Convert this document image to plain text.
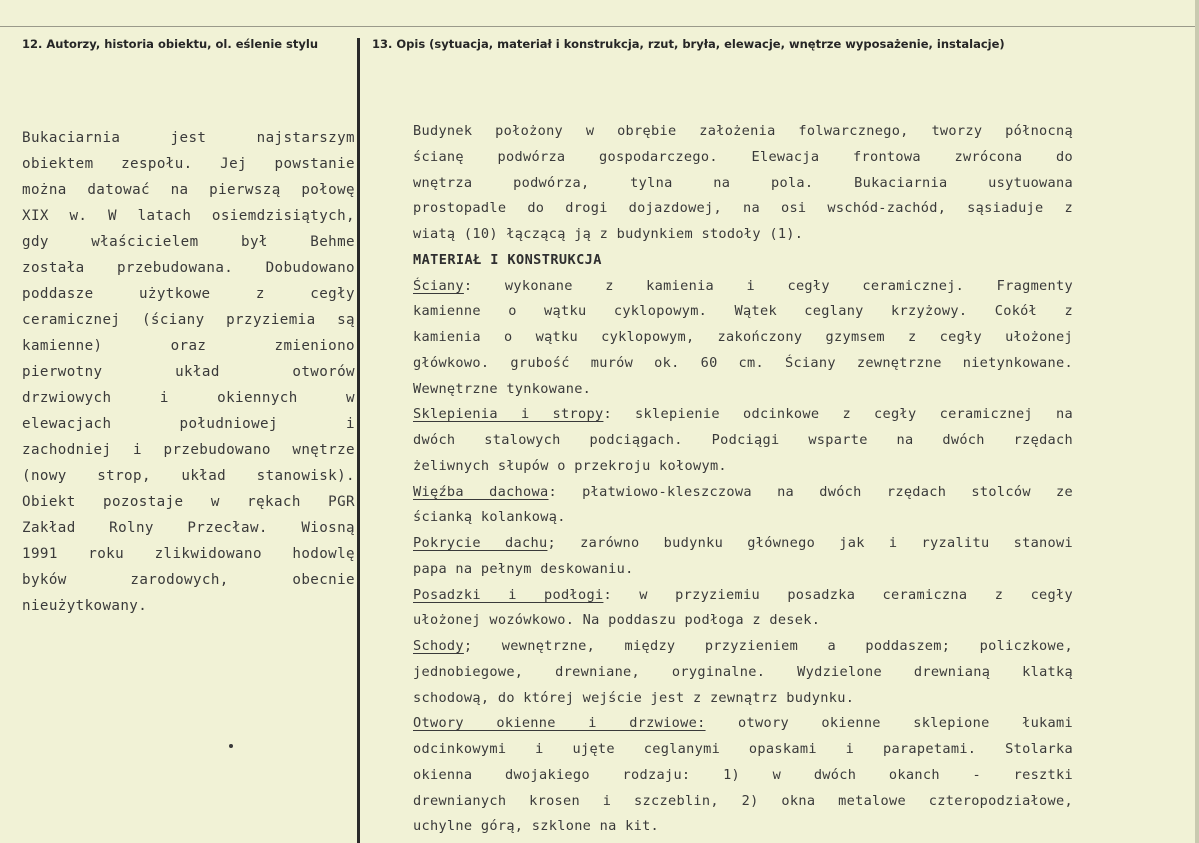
12. Autorzy, historia obiektu, ol. eślenie stylu	13. Opis (sytuacja, materiał i konstrukcja, rzut, bryła, elewacje, wnętrze wyposażenie, instalacje)
Bukaciarnia jest najstarszym
obiektem zespołu. Jej powstanie
można datować na pierwszą połowę
XIX w. W latach osiemdzisiątych,
gdy właścicielem był Behme
została przebudowana. Dobudowano
poddasze użytkowe z cegły
ceramicznej (ściany przyziemia są
kamienne) oraz zmieniono
pierwotny układ otworów
drzwiowych i okiennych w
elewacjach południowej i
zachodniej i przebudowano wnętrze
(nowy strop, układ stanowisk).
Obiekt pozostaje w rękach PGR
Zakład Rolny Przecław. Wiosną
1991 roku zlikwidowano hodowlę
byków zarodowych, obecnie
nieużytkowany.
Budynek położony w obrębie założenia folwarcznego, tworzy północną
ścianę podwórza gospodarczego. Elewacja frontowa zwrócona do
wnętrza podwórza, tylna na pola. Bukaciarnia usytuowana
prostopadle do drogi dojazdowej, na osi wschód-zachód, sąsiaduje z
wiatą (10) łączącą ją z budynkiem stodoły (1).
MATERIAŁ I KONSTRUKCJA
Ściany: wykonane z kamienia i cegły ceramicznej. Fragmenty
kamienne o wątku cyklopowym. Wątek ceglany krzyżowy. Cokół z
kamienia o wątku cyklopowym, zakończony gzymsem z cegły ułożonej
główkowo. grubość murów ok. 60 cm. Ściany zewnętrzne nietynkowane.
Wewnętrzne tynkowane.
Sklepienia i stropy: sklepienie odcinkowe z cegły ceramicznej na
dwóch stalowych podciągach. Podciągi wsparte na dwóch rzędach
żeliwnych słupów o przekroju kołowym.
Więźba dachowa: płatwiowo-kleszczowa na dwóch rzędach stolców ze
ścianką kolankową.
Pokrycie dachu; zarówno budynku głównego jak i ryzalitu stanowi
papa na pełnym deskowaniu.
Posadzki i podłogi: w przyziemiu posadzka ceramiczna z cegły
ułożonej wozówkowo. Na poddaszu podłoga z desek.
Schody; wewnętrzne, między przyzieniem a poddaszem; policzkowe,
jednobiegowe, drewniane, oryginalne. Wydzielone drewnianą klatką
schodową, do której wejście jest z zewnątrz budynku.
Otwory okienne i drzwiowe: otwory okienne sklepione łukami
odcinkowymi i ujęte ceglanymi opaskami i parapetami. Stolarka
okienna dwojakiego rodzaju: 1) w dwóch okanch - resztki
drewnianych krosen i szczeblin, 2) okna metalowe czteropodziałowe,
uchylne górą, szklone na kit.
